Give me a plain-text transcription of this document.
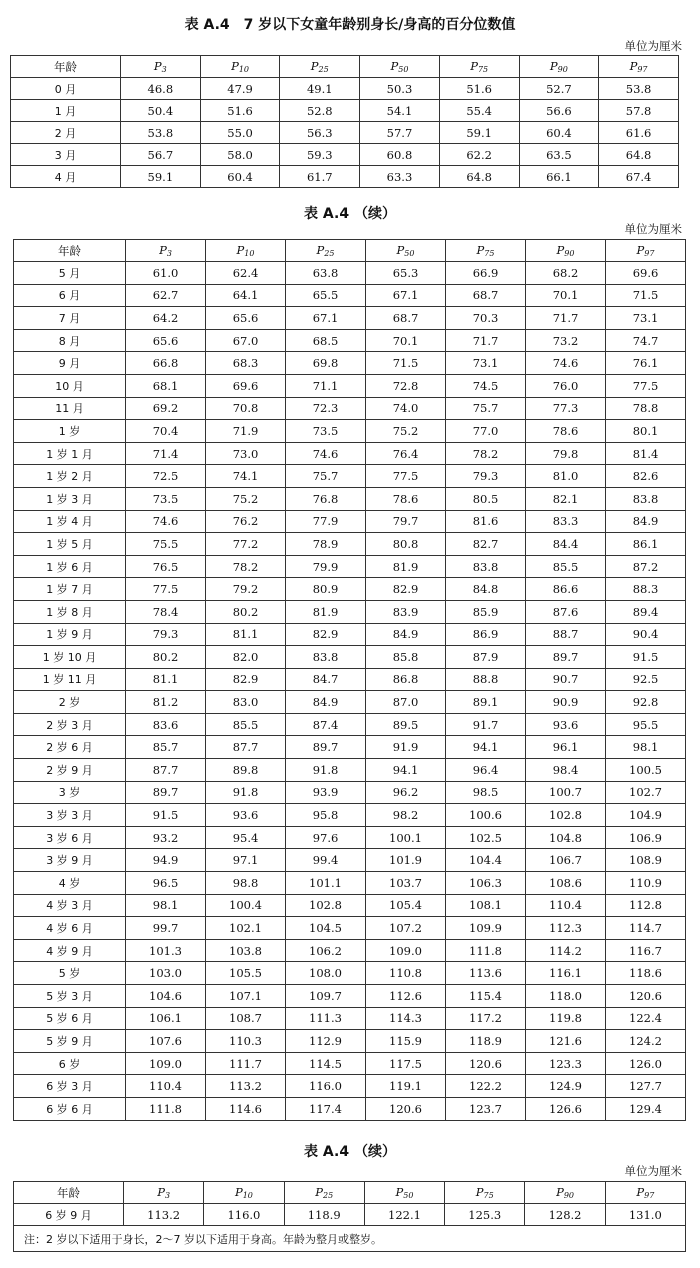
表 A.4　7 岁以下女童年龄别身长/身高的百分位数值
单位为厘米
年龄	$P_3$	$P_{10}$	$P_{25}$	$P_{50}$	$P_{75}$	$P_{90}$	$P_{97}$
0 月	46.8	47.9	49.1	50.3	51.6	52.7	53.8
1 月	50.4	51.6	52.8	54.1	55.4	56.6	57.8
2 月	53.8	55.0	56.3	57.7	59.1	60.4	61.6
3 月	56.7	58.0	59.3	60.8	62.2	63.5	64.8
4 月	59.1	60.4	61.7	63.3	64.8	66.1	67.4
表 A.4 （续）
单位为厘米
年龄	$P_3$	$P_{10}$	$P_{25}$	$P_{50}$	$P_{75}$	$P_{90}$	$P_{97}$
5 月	61.0	62.4	63.8	65.3	66.9	68.2	69.6
6 月	62.7	64.1	65.5	67.1	68.7	70.1	71.5
7 月	64.2	65.6	67.1	68.7	70.3	71.7	73.1
8 月	65.6	67.0	68.5	70.1	71.7	73.2	74.7
9 月	66.8	68.3	69.8	71.5	73.1	74.6	76.1
10 月	68.1	69.6	71.1	72.8	74.5	76.0	77.5
11 月	69.2	70.8	72.3	74.0	75.7	77.3	78.8
1 岁	70.4	71.9	73.5	75.2	77.0	78.6	80.1
1 岁 1 月	71.4	73.0	74.6	76.4	78.2	79.8	81.4
1 岁 2 月	72.5	74.1	75.7	77.5	79.3	81.0	82.6
1 岁 3 月	73.5	75.2	76.8	78.6	80.5	82.1	83.8
1 岁 4 月	74.6	76.2	77.9	79.7	81.6	83.3	84.9
1 岁 5 月	75.5	77.2	78.9	80.8	82.7	84.4	86.1
1 岁 6 月	76.5	78.2	79.9	81.9	83.8	85.5	87.2
1 岁 7 月	77.5	79.2	80.9	82.9	84.8	86.6	88.3
1 岁 8 月	78.4	80.2	81.9	83.9	85.9	87.6	89.4
1 岁 9 月	79.3	81.1	82.9	84.9	86.9	88.7	90.4
1 岁 10 月	80.2	82.0	83.8	85.8	87.9	89.7	91.5
1 岁 11 月	81.1	82.9	84.7	86.8	88.8	90.7	92.5
2 岁	81.2	83.0	84.9	87.0	89.1	90.9	92.8
2 岁 3 月	83.6	85.5	87.4	89.5	91.7	93.6	95.5
2 岁 6 月	85.7	87.7	89.7	91.9	94.1	96.1	98.1
2 岁 9 月	87.7	89.8	91.8	94.1	96.4	98.4	100.5
3 岁	89.7	91.8	93.9	96.2	98.5	100.7	102.7
3 岁 3 月	91.5	93.6	95.8	98.2	100.6	102.8	104.9
3 岁 6 月	93.2	95.4	97.6	100.1	102.5	104.8	106.9
3 岁 9 月	94.9	97.1	99.4	101.9	104.4	106.7	108.9
4 岁	96.5	98.8	101.1	103.7	106.3	108.6	110.9
4 岁 3 月	98.1	100.4	102.8	105.4	108.1	110.4	112.8
4 岁 6 月	99.7	102.1	104.5	107.2	109.9	112.3	114.7
4 岁 9 月	101.3	103.8	106.2	109.0	111.8	114.2	116.7
5 岁	103.0	105.5	108.0	110.8	113.6	116.1	118.6
5 岁 3 月	104.6	107.1	109.7	112.6	115.4	118.0	120.6
5 岁 6 月	106.1	108.7	111.3	114.3	117.2	119.8	122.4
5 岁 9 月	107.6	110.3	112.9	115.9	118.9	121.6	124.2
6 岁	109.0	111.7	114.5	117.5	120.6	123.3	126.0
6 岁 3 月	110.4	113.2	116.0	119.1	122.2	124.9	127.7
6 岁 6 月	111.8	114.6	117.4	120.6	123.7	126.6	129.4
表 A.4 （续）
单位为厘米
年龄	$P_3$	$P_{10}$	$P_{25}$	$P_{50}$	$P_{75}$	$P_{90}$	$P_{97}$
6 岁 9 月	113.2	116.0	118.9	122.1	125.3	128.2	131.0
注：2 岁以下适用于身长，2～7 岁以下适用于身高。年龄为整月或整岁。							
